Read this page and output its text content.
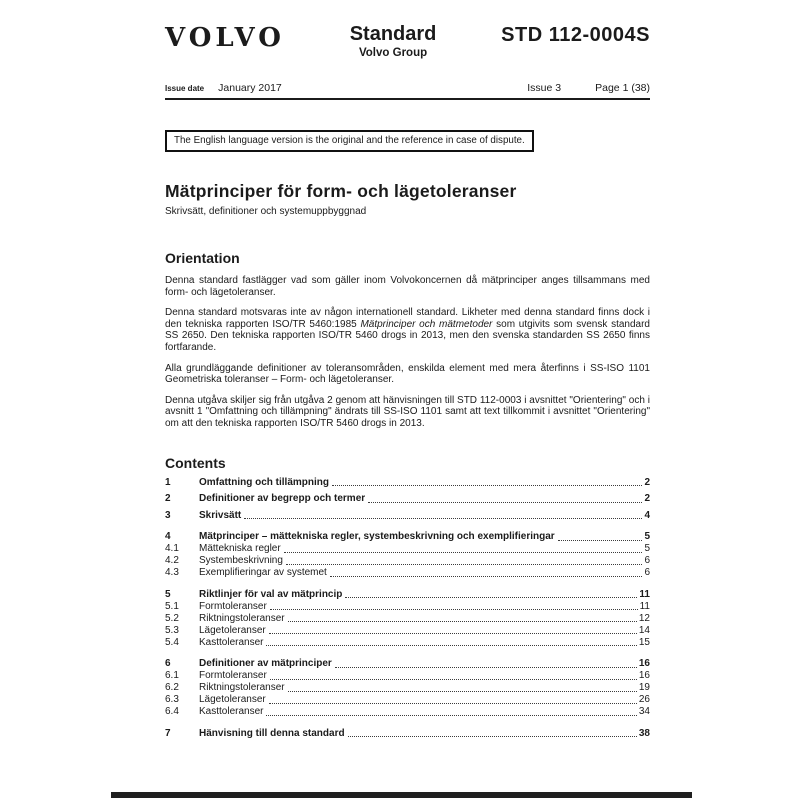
VOLVO	Standard
Volvo Group
STD 112-0004S
Issue date January 2017	Issue 3	Page 1 (38)
The English language version is the original and the reference in case of dispute.
Mätprinciper för form- och lägetoleranser
Skrivsätt, definitioner och systemuppbyggnad
Orientation

Denna standard fastlägger vad som gäller inom Volvokoncernen då mätprinciper anges tillsammans med form- och lägetoleranser.

Denna standard motsvaras inte av någon internationell standard. Likheter med denna standard finns dock i den tekniska rapporten ISO/TR 5460:1985 Mätprinciper och mätmetoder som utgivits som svensk standard SS 2650. Den tekniska rapporten ISO/TR 5460 drogs in 2013, men den svenska standarden SS 2650 finns fortfarande.

Alla grundläggande definitioner av toleransområden, enskilda element med mera återfinns i SS-ISO 1101 Geometriska toleranser – Form- och lägetoleranser.

Denna utgåva skiljer sig från utgåva 2 genom att hänvisningen till STD 112-0003 i avsnittet "Orientering" och i avsnitt 1 "Omfattning och tillämpning" ändrats till SS-ISO 1101 samt att text tillkommit i avsnittet "Orientering" om att den tekniska rapporten ISO/TR 5460 drogs in 2013.

Contents
1	Omfattning och tillämpning	2
2	Definitioner av begrepp och termer	2
3	Skrivsätt	4
4	Mätprinciper – mättekniska regler, systembeskrivning och exemplifieringar	5
4.1	Mättekniska regler	5
4.2	Systembeskrivning	6
4.3	Exemplifieringar av systemet	6
5	Riktlinjer för val av mätprincip	11
5.1	Formtoleranser	11
5.2	Riktningstoleranser	12
5.3	Lägetoleranser	14
5.4	Kasttoleranser	15
6	Definitioner av mätprinciper	16
6.1	Formtoleranser	16
6.2	Riktningstoleranser	19
6.3	Lägetoleranser	26
6.4	Kasttoleranser	34
7	Hänvisning till denna standard	38
